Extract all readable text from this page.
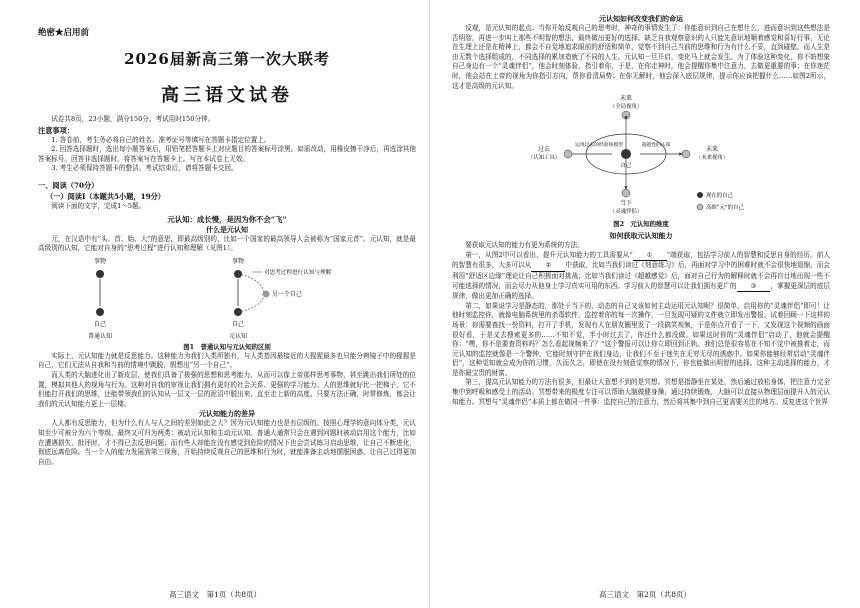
绝密★启用前
2026届新高三第一次大联考
高三语文试卷
试卷共8页，23小题，满分150分。考试用时150分钟。
注意事项：
1. 答卷前，考生务必将自己的姓名、准考证号等填写在答题卡指定位置上。
2. 回答选择题时，选出每小题答案后，用铅笔把答题卡上对应题目的答案标号涂黑。如需改动，用橡皮擦干净后，再选涂其他答案标号。回答非选择题时，将答案写在答题卡上。写在本试卷上无效。
3. 考生必须保持答题卡的整洁。考试结束后，请将答题卡交回。
一、阅读（70分）
（一）阅读Ⅰ（本题共5小题，19分）
阅读下面的文字，完成1～5题。
元认知：成长慢，是因为你不会“飞”
什么是元认知
元，在汉语中有“头、首、始、大”的意思，即最高级别的，比如一个国家的最高领导人会被称为“国家元首”。元认知，就是最高级别的认知，它能对自身的“思考过程”进行认知和理解（见图1）。
事物
自己
普通认知
事物
自己
元认知
另一个自己
对思考过程进行认知与理解
图1　普通认知与元认知的区别
实际上，元认知能力就是反思能力。这种能力为我们人类所独有，与人类基因最接近的大猩猩最多也只能分辨镜子中的猩猩是自己，它们无法从自我和当前的情境中跳脱，假想出“另一个自己”。
而人类的大脑进化出了新皮层，使我们具备了极强的思想和思考能力，从而可以像上帝那样思考事物，甚至跳出我们所处的位置，模拟其他人的视角与行为。这种对自我的审视让我们拥有更好的社会关系、更强的学习能力。人的思维就好比一把梯子，它不但能打开我们的思维，还能带领我们的认知从一层又一层的泥沼中脱出来，直至走上新的高度。只要方法正确，时常修炼，都会让我们的元认知能力更上一层楼。
元认知能力的差异
人人都有反思能力，但为什么有人与人之间的差别如此之大？因为元认知能力也是有层级的。按照心理学的意向体分类，元认知至少可被分为六个等级，最终又可归为两类：被动元认知和主动元认知。普通人通常只会在遇到问题时被动启用这个能力，比如在遭遇损失、批评时，才不得已去反思问题；而有些人却能在没有感觉到危险的情况下也会尝试练习启动思维，让自己不断进化，彻底远离危险。当一个人的能力发展到第三视角，开始持续反观自己的思维和行为时，就能准备主动地摆脱困惑，让自己过得更加自由。
高三语文　第1页（共8页）
元认知如何改变我们的命运
反观，是元认知的起点。当你开始反观自己的思考时，神奇的事情发生了：你能意识到自己在想什么，进而意识到这些想法是否明智，再进一步叫上那些不明智的想法，最终做出更好的选择。缺乏自我观察意识的人只能先意识地顺着感觉和喜好行事，无论在生理上还是在精神上，都会不自觉地追求眼前的舒适和简单，觉察不到自己当前的思维和行为有什么不妥，直到碰壁。而人生是由无数个选择组成的，不同选择的累加造就了不同的人生。元认知一旦开启，变化马上就会发生。为了体验这种变化，你不妨想象自己身边有一个“灵魂伴侣”，他会时刻体验、指引着你，于是，在你走神时，他会提醒你集中注意力，去做更重要的事；在你迷茫时，他会站在上帝的视角为你指引方向，帮你看清局势；在你无解时，他会深入底层规律，提示你应该把握什么……如图2所示，这才是高级的元认知。
未来
（全局视角）
过去
（认知工具）
未来
（未来视角）
自己
运用过去的经验和模型	超越性的认知
当下
（灵魂伴侣）
现在的自己
高维“元”的自己
图2　元认知的维度
如何获取元认知能力
要获取元认知的能力有更为系统的方法。
第一，从图2中可以看出，提升元认知能力的工具需要从“ ① ”端获取，包括学习前人的智慧和反思自身的经历。前人的智慧有很多，大多可以从 ② 中获取，比如当我们读过《刻意练习》后，再面对学习中的困难时就不会很快地退缩，而会利用“舒适区边缘”理论让自己积极面对挑战；比如当我们读过《超越感觉》后，面对自己行为的解释时就不会再盲目地出现一些不可能选择的情况，而会尽力从他身上学习真实可用的东西。学习前人的智慧可以让我们拥有更广的 ③ ，掌握更深层的底层规律，做出更加正确的选择。
第二，如果说学习是静态的，那处于当下的、动态的自己又该如何主动运用元认知呢？很简单，启用你的“灵魂伴侣”即可！让他时刻监控你，就像电脑系统里的杀毒软件，监控着你的每一次操作，一旦发现可疑的文件就立即发出警报。试着回顾一下这样的场景：你需要查找一份资料，打开了手机，发现有人在朋友圈里发了一段搞笑视频，于是你点开看了一下，又发现这个视频的画面很好看，于是又去搜索更多的……不知不觉，半小时过去了，你还什么都没做。如果这时你的“灵魂伴侣”启动了，他就会提醒你：“嘿，你不是要查资料吗？怎么看起视频来了？”这个警报可以让你立即回到正轨。我们总是很容易在不知不觉中被推着走，而元认知的监控就像是一个警钟，它能时刻守护在我们身边，让我们不至于迷失在无穷无尽的诱惑中。如果你能够经常启动“灵魂伴侣”，这种觉知就会成为你的习惯，久而久之，即使在没有刻意觉察的情况下，你也能做出明智的选择。这种主动选择的能力，才是你最宝贵的财富。
第三，提高元认知能力的方法有很多，但最让人意想不到的是冥想。冥想是指静坐在某处，然后通过放松身体，把注意力完全集中到呼吸和感受上的活动。冥想带来的极度专注可以帮助大脑做健身操，通过持续锻炼，大脑可以直接从物理层面提升人的元认知能力。冥想与“灵魂伴侣”本质上都在做同一件事：监控自己的注意力，然后将其集中到自己更需要关注的地方。反复进这个世界
高三语文　第2页（共8页）
